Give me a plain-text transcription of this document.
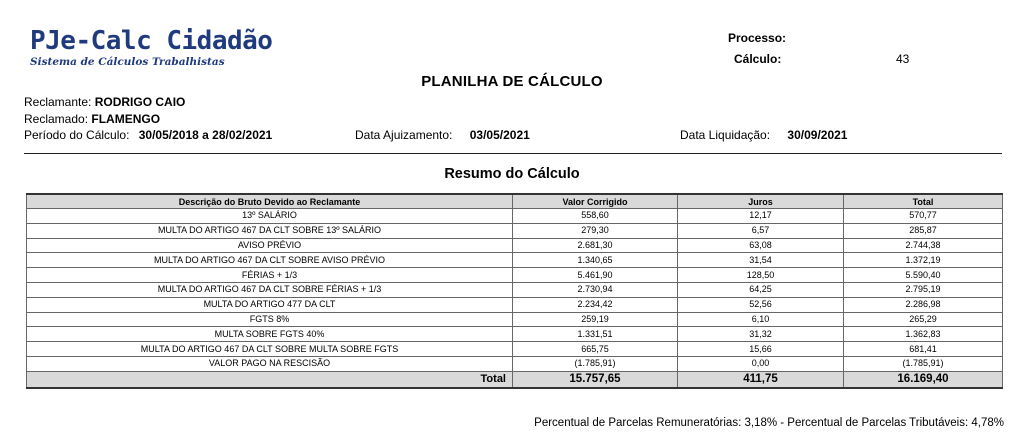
PJe-Calc Cidadão
Sistema de Cálculos Trabalhistas
Processo:
Cálculo:	43
PLANILHA DE CÁLCULO
Reclamante: RODRIGO CAIO
Reclamado: FLAMENGO
Período do Cálculo: 30/05/2018 a 28/02/2021	Data Ajuizamento: 03/05/2021	Data Liquidação: 30/09/2021
Resumo do Cálculo
Descrição do Bruto Devido ao Reclamante	Valor Corrigido	Juros	Total
13º SALÁRIO	558,60	12,17	570,77
MULTA DO ARTIGO 467 DA CLT SOBRE 13º SALÁRIO	279,30	6,57	285,87
AVISO PRÉVIO	2.681,30	63,08	2.744,38
MULTA DO ARTIGO 467 DA CLT SOBRE AVISO PRÉVIO	1.340,65	31,54	1.372,19
FÉRIAS + 1/3	5.461,90	128,50	5.590,40
MULTA DO ARTIGO 467 DA CLT SOBRE FÉRIAS + 1/3	2.730,94	64,25	2.795,19
MULTA DO ARTIGO 477 DA CLT	2.234,42	52,56	2.286,98
FGTS 8%	259,19	6,10	265,29
MULTA SOBRE FGTS 40%	1.331,51	31,32	1.362,83
MULTA DO ARTIGO 467 DA CLT SOBRE MULTA SOBRE FGTS	665,75	15,66	681,41
VALOR PAGO NA RESCISÃO	(1.785,91)	0,00	(1.785,91)
Total	15.757,65	411,75	16.169,40
Percentual de Parcelas Remuneratórias: 3,18% - Percentual de Parcelas Tributáveis: 4,78%
